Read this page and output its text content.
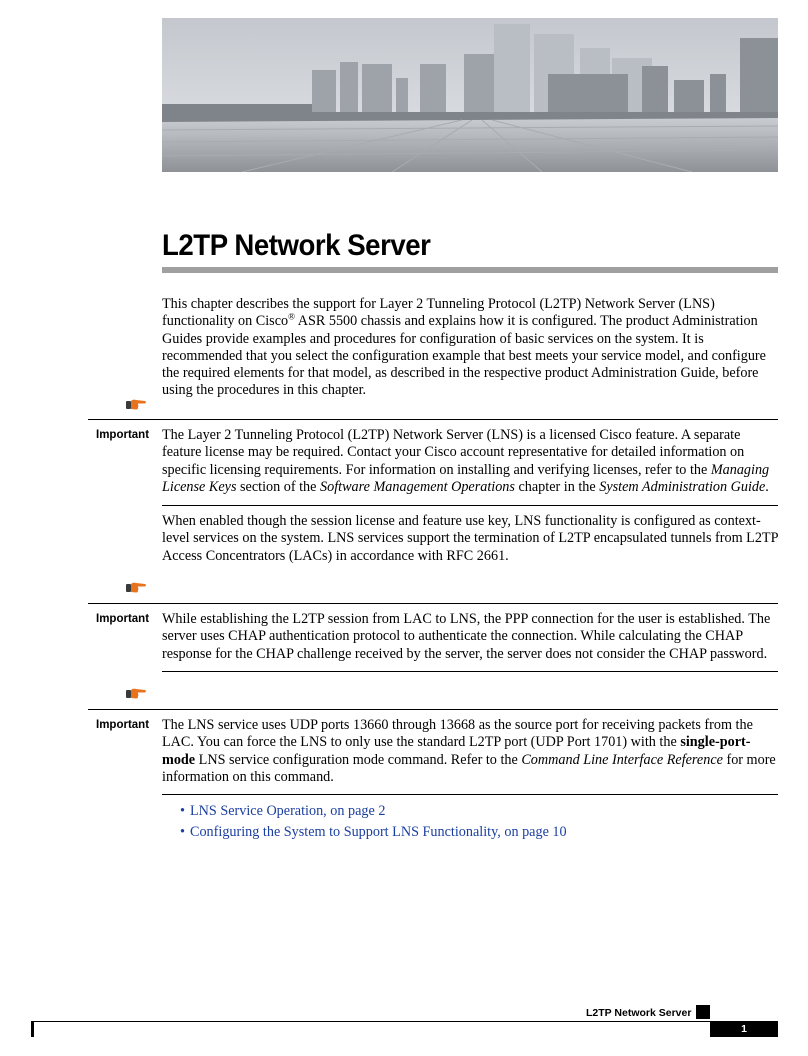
L2TP Network Server

This chapter describes the support for Layer 2 Tunneling Protocol (L2TP) Network Server (LNS) functionality on Cisco® ASR 5500 chassis and explains how it is configured. The product Administration Guides provide examples and procedures for configuration of basic services on the system. It is recommended that you select the configuration example that best meets your service model, and configure the required elements for that model, as described in the respective product Administration Guide, before using the procedures in this chapter.

Important The Layer 2 Tunneling Protocol (L2TP) Network Server (LNS) is a licensed Cisco feature. A separate feature license may be required. Contact your Cisco account representative for detailed information on specific licensing requirements. For information on installing and verifying licenses, refer to the Managing License Keys section of the Software Management Operations chapter in the System Administration Guide.

When enabled though the session license and feature use key, LNS functionality is configured as context-level services on the system. LNS services support the termination of L2TP encapsulated tunnels from L2TP Access Concentrators (LACs) in accordance with RFC 2661.

Important While establishing the L2TP session from LAC to LNS, the PPP connection for the user is established. The server uses CHAP authentication protocol to authenticate the connection. While calculating the CHAP response for the CHAP challenge received by the server, the server does not consider the CHAP password.

Important The LNS service uses UDP ports 13660 through 13668 as the source port for receiving packets from the LAC. You can force the LNS to only use the standard L2TP port (UDP Port 1701) with the single-port-mode LNS service configuration mode command. Refer to the Command Line Interface Reference for more information on this command.

• LNS Service Operation, on page 2
• Configuring the System to Support LNS Functionality, on page 10
L2TP Network Server
1
